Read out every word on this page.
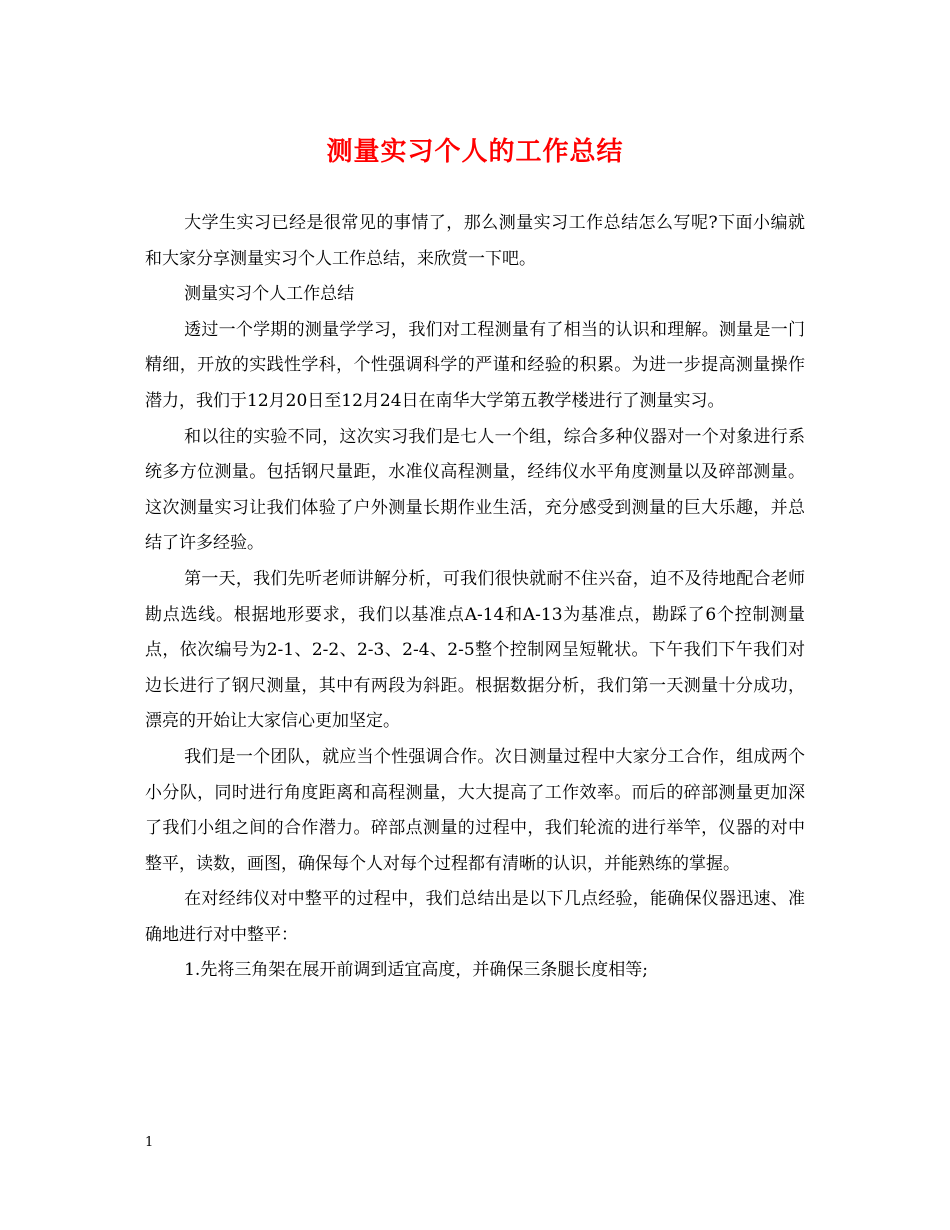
测量实习个人的工作总结

大学生实习已经是很常见的事情了，那么测量实习工作总结怎么写呢?下面小编就和大家分享测量实习个人工作总结，来欣赏一下吧。

测量实习个人工作总结

透过一个学期的测量学学习，我们对工程测量有了相当的认识和理解。测量是一门精细，开放的实践性学科，个性强调科学的严谨和经验的积累。为进一步提高测量操作潜力，我们于12月20日至12月24日在南华大学第五教学楼进行了测量实习。

和以往的实验不同，这次实习我们是七人一个组，综合多种仪器对一个对象进行系统多方位测量。包括钢尺量距，水准仪高程测量，经纬仪水平角度测量以及碎部测量。这次测量实习让我们体验了户外测量长期作业生活，充分感受到测量的巨大乐趣，并总结了许多经验。

第一天，我们先听老师讲解分析，可我们很快就耐不住兴奋，迫不及待地配合老师勘点选线。根据地形要求，我们以基准点A-14和A-13为基准点，勘踩了6个控制测量点，依次编号为2-1、2-2、2-3、2-4、2-5整个控制网呈短靴状。下午我们下午我们对边长进行了钢尺测量，其中有两段为斜距。根据数据分析，我们第一天测量十分成功，漂亮的开始让大家信心更加坚定。

我们是一个团队，就应当个性强调合作。次日测量过程中大家分工合作，组成两个小分队，同时进行角度距离和高程测量，大大提高了工作效率。而后的碎部测量更加深了我们小组之间的合作潜力。碎部点测量的过程中，我们轮流的进行举竿，仪器的对中整平，读数，画图，确保每个人对每个过程都有清晰的认识，并能熟练的掌握。

在对经纬仪对中整平的过程中，我们总结出是以下几点经验，能确保仪器迅速、准确地进行对中整平：

1.先将三角架在展开前调到适宜高度，并确保三条腿长度相等;

1
